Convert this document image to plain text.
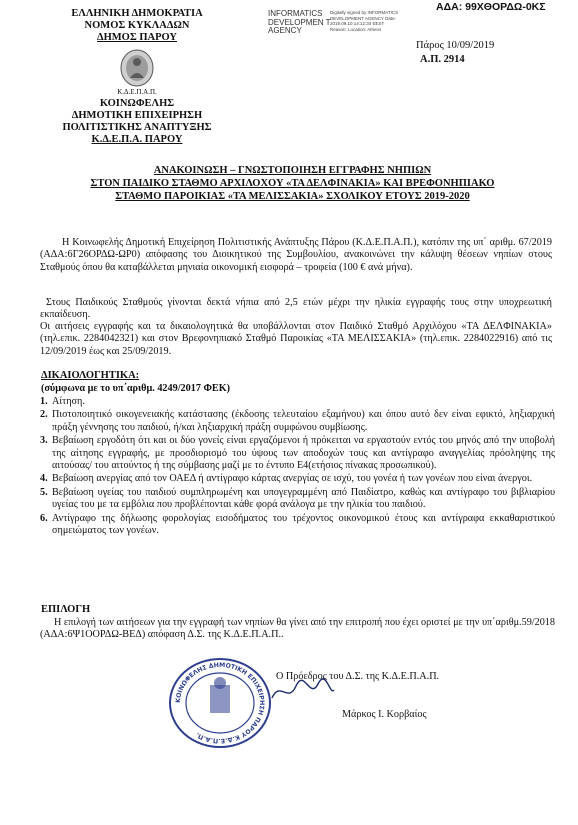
ΕΛΛΗΝΙΚΗ ΔΗΜΟΚΡΑΤΙΑ
ΝΟΜΟΣ ΚΥΚΛΑΔΩΝ
ΔΗΜΟΣ ΠΑΡΟΥ
Κ.Δ.Ε.Π.Α.Π.
ΚΟΙΝΩΦΕΛΗΣ
ΔΗΜΟΤΙΚΗ ΕΠΙΧΕΙΡΗΣΗ
ΠΟΛΙΤΙΣΤΙΚΗΣ ΑΝΑΠΤΥΞΗΣ
Κ.Δ.Ε.Π.Α. ΠΑΡΟΥ
INFORMATICS DEVELOPMEN T AGENCY
Digitally signed by INFORMATICS DEVELOPMENT AGENCY Date: 2019.09.10 14:12:34 EEST Reason: Location: Athens
ΑΔΑ: 99ΧΘΟΡΔΩ-0ΚΣ
Πάρος 10/09/2019
Α.Π. 2914
ΑΝΑΚΟΙΝΩΣΗ – ΓΝΩΣΤΟΠΟΙΗΣΗ ΕΓΓΡΑΦΗΣ ΝΗΠΙΩΝ
ΣΤΟΝ ΠΑΙΔΙΚΟ ΣΤΑΘΜΟ ΑΡΧΙΛΟΧΟΥ «ΤΑ ΔΕΛΦΙΝΑΚΙΑ» ΚΑΙ ΒΡΕΦΟΝΗΠΙΑΚΟ
ΣΤΑΘΜΟ ΠΑΡΟΙΚΙΑΣ «ΤΑ ΜΕΛΙΣΣΑΚΙΑ» ΣΧΟΛΙΚΟΥ ΕΤΟΥΣ 2019-2020
Η Κοινωφελής Δημοτική Επιχείρηση Πολιτιστικής Ανάπτυξης Πάρου (Κ.Δ.Ε.Π.Α.Π.), κατόπιν της υπ΄ αριθμ. 67/2019 (ΑΔΑ:6Γ26ΟΡΔΩ-ΩΡ0) απόφασης του Διοικητικού της Συμβουλίου, ανακοινώνει την κάλυψη θέσεων νηπίων στους Σταθμούς όπου θα καταβάλλεται μηνιαία οικονομική εισφορά – τροφεία (100 € ανά μήνα).
Στους Παιδικούς Σταθμούς γίνονται δεκτά νήπια από 2,5 ετών μέχρι την ηλικία εγγραφής τους στην υποχρεωτική εκπαίδευση.
Οι αιτήσεις εγγραφής και τα δικαιολογητικά θα υποβάλλονται στον Παιδικό Σταθμό Αρχιλόχου «ΤΑ ΔΕΛΦΙΝΑΚΙΑ» (τηλ.επικ. 2284042321) και στον Βρεφονηπιακό Σταθμό Παροικίας «ΤΑ ΜΕΛΙΣΣΑΚΙΑ» (τηλ.επικ. 2284022916) από τις 12/09/2019 έως και 25/09/2019.
ΔΙΚΑΙΟΛΟΓΗΤΙΚΑ:
(σύμφωνα με το υπ΄αριθμ. 4249/2017 ΦΕΚ)
1. Αίτηση.
2. Πιστοποιητικό οικογενειακής κατάστασης (έκδοσης τελευταίου εξαμήνου) και όπου αυτό δεν είναι εφικτό, ληξιαρχική πράξη γέννησης του παιδιού, ή/και ληξιαρχική πράξη συμφώνου συμβίωσης.
3. Βεβαίωση εργοδότη ότι και οι δύο γονείς είναι εργαζόμενοι ή πρόκειται να εργαστούν εντός του μηνός από την υποβολή της αίτησης εγγραφής, με προσδιορισμό του ύψους των αποδοχών τους και αντίγραφο αναγγελίας πρόσληψης της αιτούσας/ του αιτούντος ή της σύμβασης μαζί με το έντυπο Ε4(ετήσιος πίνακας προσωπικού).
4. Βεβαίωση ανεργίας από τον ΟΑΕΔ ή αντίγραφο κάρτας ανεργίας σε ισχύ, του γονέα ή των γονέων που είναι άνεργοι.
5. Βεβαίωση υγείας του παιδιού συμπληρωμένη και υπογεγραμμένη από Παιδίατρο, καθώς και αντίγραφο του βιβλιαρίου υγείας του με τα εμβόλια που προβλέπονται κάθε φορά ανάλογα με την ηλικία του παιδιού.
6. Αντίγραφο της δήλωσης φορολογίας εισοδήματος του τρέχοντος οικονομικού έτους και αντίγραφα εκκαθαριστικού σημειώματος των γονέων.
ΕΠΙΛΟΓΗ
Η επιλογή των αιτήσεων για την εγγραφή των νηπίων θα γίνει από την επιτροπή που έχει οριστεί με την υπ΄αριθμ.59/2018 (ΑΔΑ:6Ψ1ΟΟΡΔΩ-ΒΕΔ) απόφαση Δ.Σ. της Κ.Δ.Ε.Π.Α.Π..
ΚΟΙΝΩΦΕΛΗΣ ΔΗΜΟΤΙΚΗ ΕΠΙΧΕΙΡΗΣΗ ΠΑΡΟΥ Κ.Δ.Ε.Π.Α.Π.
Ο Πρόεδρος του Δ.Σ. της Κ.Δ.Ε.Π.Α.Π.
Μάρκος Ι. Κορβαίος
